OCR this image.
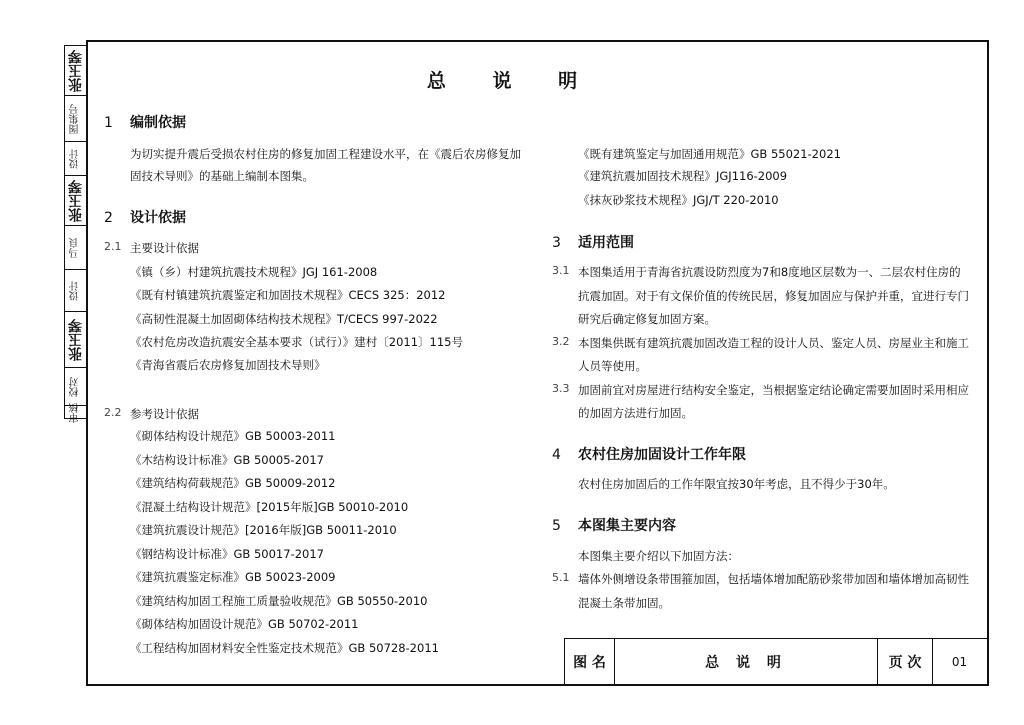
张玉琴
图集号
设计
张玉琴
马良
设计
张玉琴
校对
审核
总 说 明
1 编制依据
为切实提升震后受损农村住房的修复加固工程建设水平，在《震后农房修复加
固技术导则》的基础上编制本图集。
2 设计依据
2.1 主要设计依据
《镇（乡）村建筑抗震技术规程》JGJ 161-2008
《既有村镇建筑抗震鉴定和加固技术规程》CECS 325：2012
《高韧性混凝土加固砌体结构技术规程》T/CECS 997-2022
《农村危房改造抗震安全基本要求（试行）》建村〔2011〕115号
《青海省震后农房修复加固技术导则》
2.2 参考设计依据
《砌体结构设计规范》GB 50003-2011
《木结构设计标准》GB 50005-2017
《建筑结构荷载规范》GB 50009-2012
《混凝土结构设计规范》[2015年版]GB 50010-2010
《建筑抗震设计规范》[2016年版]GB 50011-2010
《钢结构设计标准》GB 50017-2017
《建筑抗震鉴定标准》GB 50023-2009
《建筑结构加固工程施工质量验收规范》GB 50550-2010
《砌体结构加固设计规范》GB 50702-2011
《工程结构加固材料安全性鉴定技术规范》GB 50728-2011
《既有建筑鉴定与加固通用规范》GB 55021-2021
《建筑抗震加固技术规程》JGJ116-2009
《抹灰砂浆技术规程》JGJ/T 220-2010
3 适用范围
3.1 本图集适用于青海省抗震设防烈度为7和8度地区层数为一、二层农村住房的
抗震加固。对于有文保价值的传统民居，修复加固应与保护并重，宜进行专门
研究后确定修复加固方案。
3.2 本图集供既有建筑抗震加固改造工程的设计人员、鉴定人员、房屋业主和施工
人员等使用。
3.3 加固前宜对房屋进行结构安全鉴定，当根据鉴定结论确定需要加固时采用相应
的加固方法进行加固。
4 农村住房加固设计工作年限
农村住房加固后的工作年限宜按30年考虑，且不得少于30年。
5 本图集主要内容
本图集主要介绍以下加固方法：
5.1 墙体外侧增设条带围箍加固，包括墙体增加配筋砂浆带加固和墙体增加高韧性
混凝土条带加固。
图 名	总 说 明	页 次	01
